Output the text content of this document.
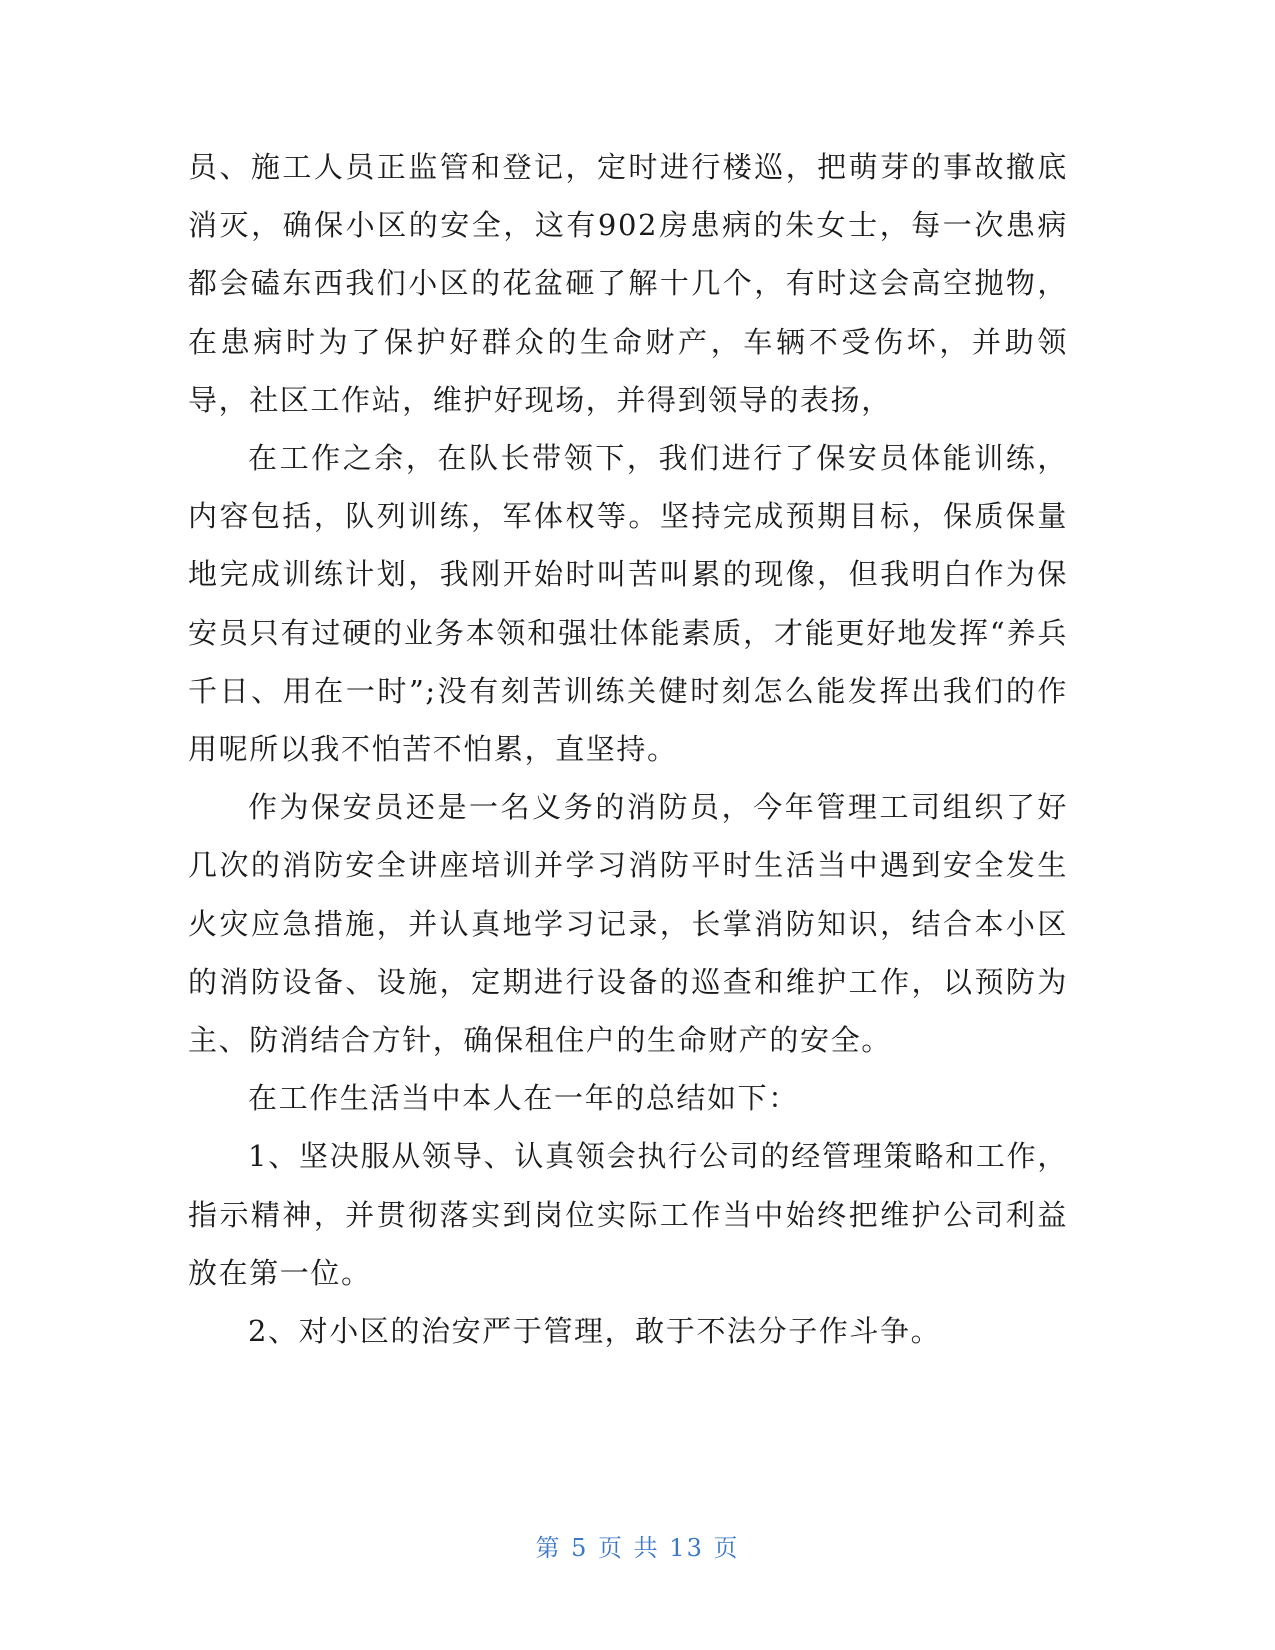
员、施工人员正监管和登记，定时进行楼巡，把萌芽的事故撤底消灭，确保小区的安全，这有902房患病的朱女士，每一次患病都会磕东西我们小区的花盆砸了解十几个，有时这会高空抛物，在患病时为了保护好群众的生命财产，车辆不受伤坏，并助领导，社区工作站，维护好现场，并得到领导的表扬，

在工作之余，在队长带领下，我们进行了保安员体能训练，内容包括，队列训练，军体权等。坚持完成预期目标，保质保量地完成训练计划，我刚开始时叫苦叫累的现像，但我明白作为保安员只有过硬的业务本领和强壮体能素质，才能更好地发挥“养兵千日、用在一时”;没有刻苦训练关健时刻怎么能发挥出我们的作用呢所以我不怕苦不怕累，直坚持。

作为保安员还是一名义务的消防员，今年管理工司组织了好几次的消防安全讲座培训并学习消防平时生活当中遇到安全发生火灾应急措施，并认真地学习记录，长掌消防知识，结合本小区的消防设备、设施，定期进行设备的巡查和维护工作，以预防为主、防消结合方针，确保租住户的生命财产的安全。

在工作生活当中本人在一年的总结如下：

1、坚决服从领导、认真领会执行公司的经管理策略和工作，指示精神，并贯彻落实到岗位实际工作当中始终把维护公司利益放在第一位。

2、对小区的治安严于管理，敢于不法分子作斗争。

第 5 页 共 13 页
